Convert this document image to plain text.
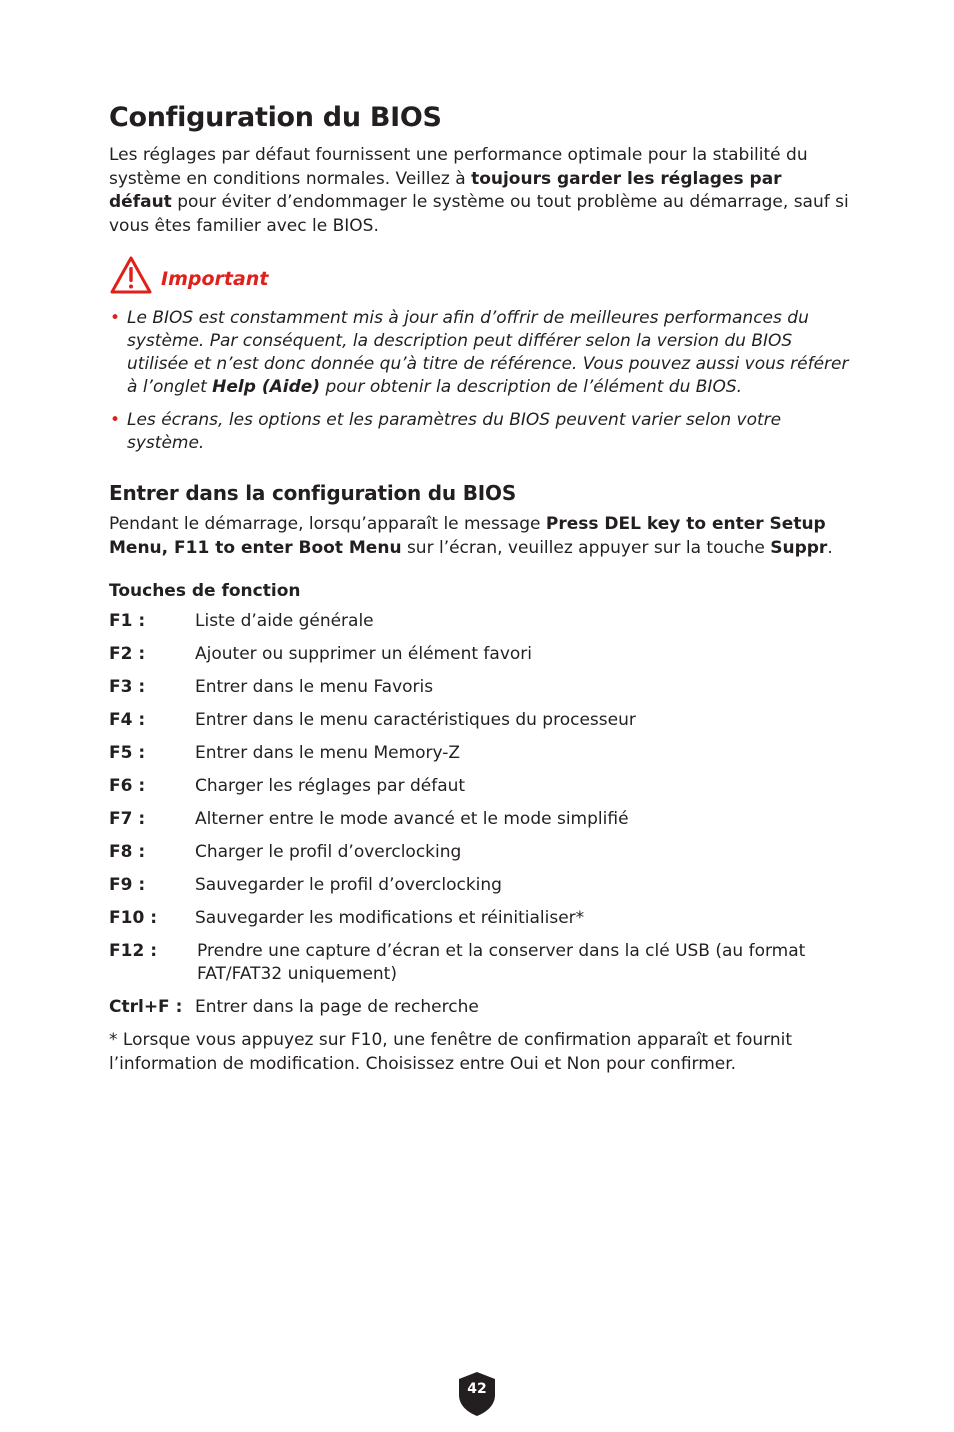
Configuration du BIOS

Les réglages par défaut fournissent une performance optimale pour la stabilité du système en conditions normales. Veillez à toujours garder les réglages par défaut pour éviter d’endommager le système ou tout problème au démarrage, sauf si vous êtes familier avec le BIOS.

Important
• Le BIOS est constamment mis à jour afin d’offrir de meilleures performances du système. Par conséquent, la description peut différer selon la version du BIOS utilisée et n’est donc donnée qu’à titre de référence. Vous pouvez aussi vous référer à l’onglet Help (Aide) pour obtenir la description de l’élément du BIOS.
• Les écrans, les options et les paramètres du BIOS peuvent varier selon votre système.
Entrer dans la configuration du BIOS

Pendant le démarrage, lorsqu’apparaît le message Press DEL key to enter Setup Menu, F11 to enter Boot Menu sur l’écran, veuillez appuyer sur la touche Suppr.

Touches de fonction
F1 :	Liste d’aide générale
F2 :	Ajouter ou supprimer un élément favori
F3 :	Entrer dans le menu Favoris
F4 :	Entrer dans le menu caractéristiques du processeur
F5 :	Entrer dans le menu Memory-Z
F6 :	Charger les réglages par défaut
F7 :	Alterner entre le mode avancé et le mode simplifié
F8 :	Charger le profil d’overclocking
F9 :	Sauvegarder le profil d’overclocking
F10 :	Sauvegarder les modifications et réinitialiser*
F12 :	Prendre une capture d’écran et la conserver dans la clé USB (au format FAT/FAT32 uniquement)
Ctrl+F : Entrer dans la page de recherche

* Lorsque vous appuyez sur F10, une fenêtre de confirmation apparaît et fournit l’information de modification. Choisissez entre Oui et Non pour confirmer.

42
